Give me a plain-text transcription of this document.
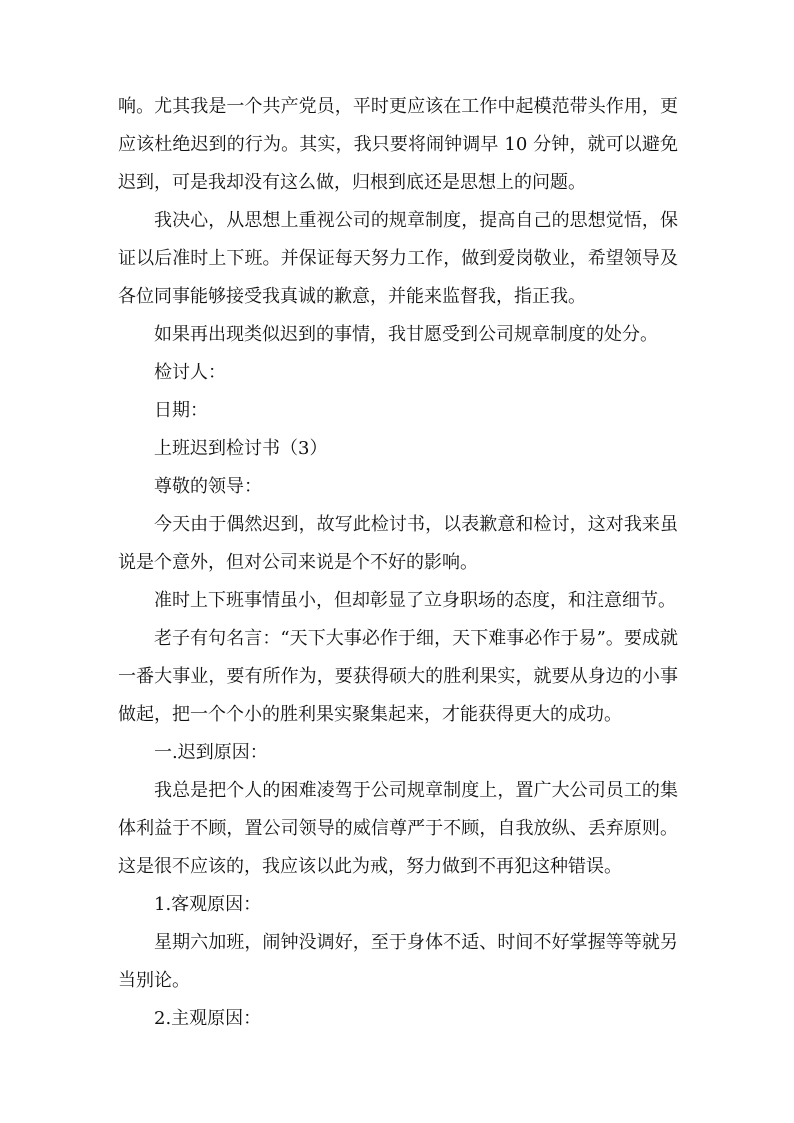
响。尤其我是一个共产党员，平时更应该在工作中起模范带头作用，更应该杜绝迟到的行为。其实，我只要将闹钟调早 10 分钟，就可以避免迟到，可是我却没有这么做，归根到底还是思想上的问题。

我决心，从思想上重视公司的规章制度，提高自己的思想觉悟，保证以后准时上下班。并保证每天努力工作，做到爱岗敬业，希望领导及各位同事能够接受我真诚的歉意，并能来监督我，指正我。

如果再出现类似迟到的事情，我甘愿受到公司规章制度的处分。

检讨人：

日期：

上班迟到检讨书（3）

尊敬的领导：

今天由于偶然迟到，故写此检讨书，以表歉意和检讨，这对我来虽说是个意外，但对公司来说是个不好的影响。

准时上下班事情虽小，但却彰显了立身职场的态度，和注意细节。

老子有句名言：“天下大事必作于细，天下难事必作于易”。要成就一番大事业，要有所作为，要获得硕大的胜利果实，就要从身边的小事做起，把一个个小的胜利果实聚集起来，才能获得更大的成功。

一.迟到原因：

我总是把个人的困难凌驾于公司规章制度上，置广大公司员工的集体利益于不顾，置公司领导的威信尊严于不顾，自我放纵、丢弃原则。这是很不应该的，我应该以此为戒，努力做到不再犯这种错误。

1.客观原因：

星期六加班，闹钟没调好，至于身体不适、时间不好掌握等等就另当别论。

2.主观原因：
